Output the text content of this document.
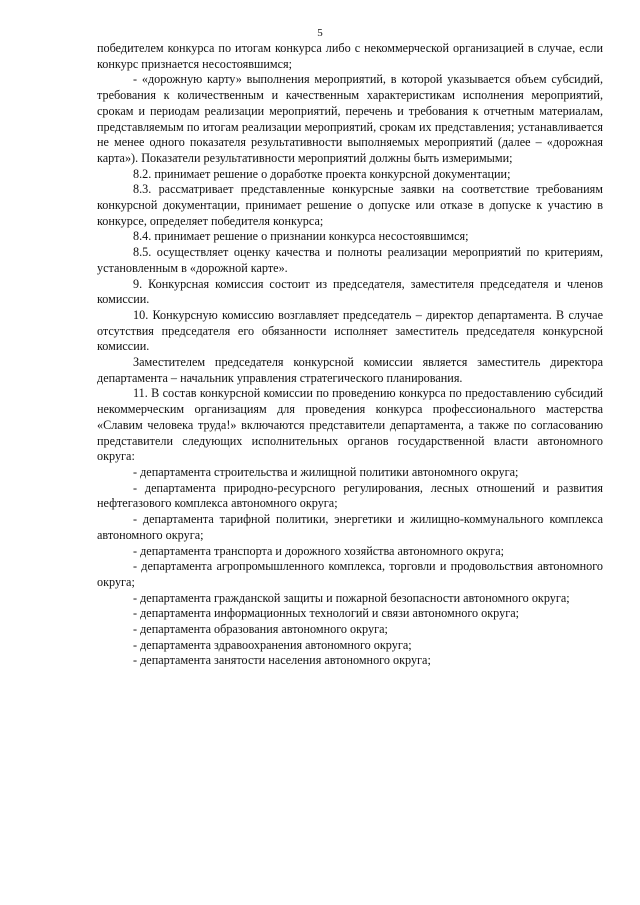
5

победителем конкурса по итогам конкурса либо с некоммерческой организацией в случае, если конкурс признается несостоявшимся;

- «дорожную карту» выполнения мероприятий, в которой указывается объем субсидий, требования к количественным и качественным характеристикам исполнения мероприятий, срокам и периодам реализации мероприятий, перечень и требования к отчетным материалам, представляемым по итогам реализации мероприятий, срокам их представления; устанавливается не менее одного показателя результативности выполняемых мероприятий (далее – «дорожная карта»). Показатели результативности мероприятий должны быть измеримыми;

8.2. принимает решение о доработке проекта конкурсной документации;

8.3. рассматривает представленные конкурсные заявки на соответствие требованиям конкурсной документации, принимает решение о допуске или отказе в допуске к участию в конкурсе, определяет победителя конкурса;

8.4. принимает решение о признании конкурса несостоявшимся;

8.5. осуществляет оценку качества и полноты реализации мероприятий по критериям, установленным в «дорожной карте».

9. Конкурсная комиссия состоит из председателя, заместителя председателя и членов комиссии.

10. Конкурсную комиссию возглавляет председатель – директор департамента. В случае отсутствия председателя его обязанности исполняет заместитель председателя конкурсной комиссии.

Заместителем председателя конкурсной комиссии является заместитель директора департамента – начальник управления стратегического планирования.

11. В состав конкурсной комиссии по проведению конкурса по предоставлению субсидий некоммерческим организациям для проведения конкурса профессионального мастерства «Славим человека труда!» включаются представители департамента, а также по согласованию представители следующих исполнительных органов государственной власти автономного округа:

- департамента строительства и жилищной политики автономного округа;

- департамента природно-ресурсного регулирования, лесных отношений и развития нефтегазового комплекса автономного округа;

- департамента тарифной политики, энергетики и жилищно-коммунального комплекса автономного округа;

- департамента транспорта и дорожного хозяйства автономного округа;

- департамента агропромышленного комплекса, торговли и продовольствия автономного округа;

- департамента гражданской защиты и пожарной безопасности автономного округа;

- департамента информационных технологий и связи автономного округа;

- департамента образования автономного округа;

- департамента здравоохранения автономного округа;

- департамента занятости населения автономного округа;
